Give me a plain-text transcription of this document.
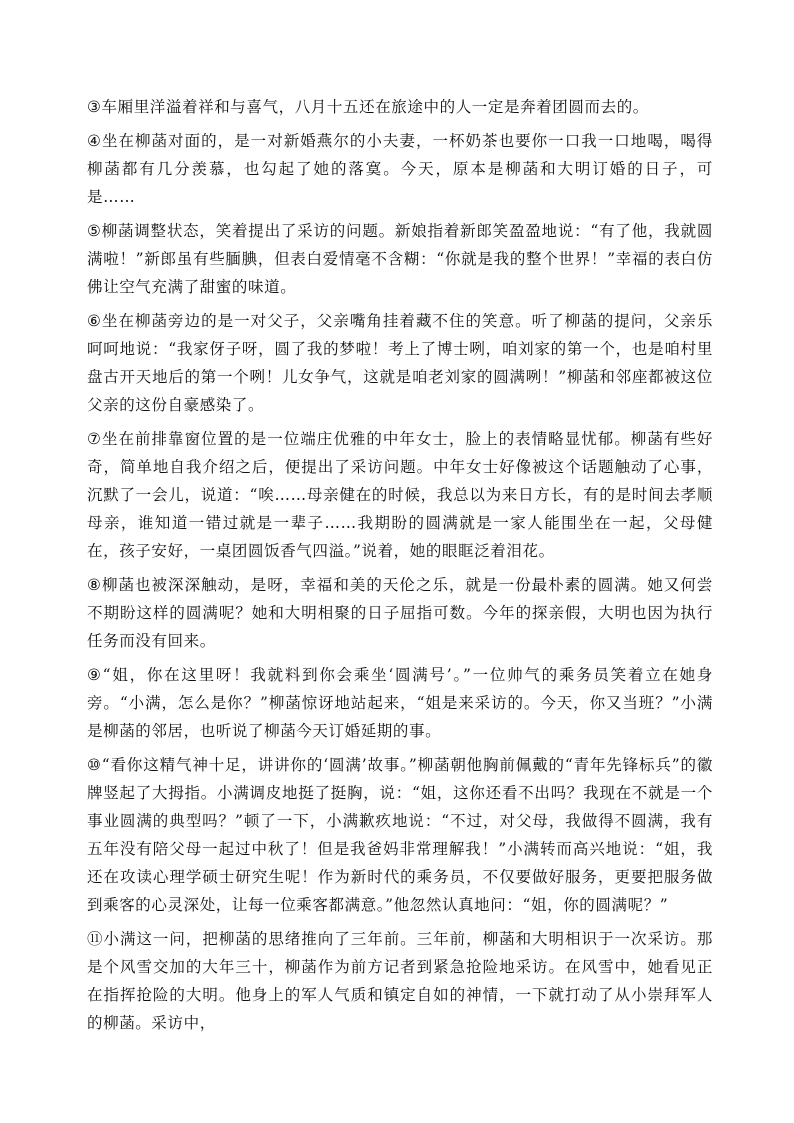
③车厢里洋溢着祥和与喜气，八月十五还在旅途中的人一定是奔着团圆而去的。

④坐在柳菡对面的，是一对新婚燕尔的小夫妻，一杯奶茶也要你一口我一口地喝，喝得柳菡都有几分羡慕，也勾起了她的落寞。今天，原本是柳菡和大明订婚的日子，可是……

⑤柳菡调整状态，笑着提出了采访的问题。新娘指着新郎笑盈盈地说：“有了他，我就圆满啦！”新郎虽有些腼腆，但表白爱情毫不含糊：“你就是我的整个世界！”幸福的表白仿佛让空气充满了甜蜜的味道。

⑥坐在柳菡旁边的是一对父子，父亲嘴角挂着藏不住的笑意。听了柳菡的提问，父亲乐呵呵地说：“我家伢子呀，圆了我的梦啦！考上了博士咧，咱刘家的第一个，也是咱村里盘古开天地后的第一个咧！儿女争气，这就是咱老刘家的圆满咧！”柳菡和邻座都被这位父亲的这份自豪感染了。

⑦坐在前排靠窗位置的是一位端庄优雅的中年女士，脸上的表情略显忧郁。柳菡有些好奇，简单地自我介绍之后，便提出了采访问题。中年女士好像被这个话题触动了心事，沉默了一会儿，说道：“唉……母亲健在的时候，我总以为来日方长，有的是时间去孝顺母亲，谁知道一错过就是一辈子……我期盼的圆满就是一家人能围坐在一起，父母健在，孩子安好，一桌团圆饭香气四溢。”说着，她的眼眶泛着泪花。

⑧柳菡也被深深触动，是呀，幸福和美的天伦之乐，就是一份最朴素的圆满。她又何尝不期盼这样的圆满呢？她和大明相聚的日子屈指可数。今年的探亲假，大明也因为执行任务而没有回来。

⑨“姐，你在这里呀！我就料到你会乘坐‘圆满号’。”一位帅气的乘务员笑着立在她身旁。“小满，怎么是你？”柳菡惊讶地站起来，“姐是来采访的。今天，你又当班？”小满是柳菡的邻居，也听说了柳菡今天订婚延期的事。

⑩“看你这精气神十足，讲讲你的‘圆满’故事。”柳菡朝他胸前佩戴的“青年先锋标兵”的徽牌竖起了大拇指。小满调皮地挺了挺胸，说：“姐，这你还看不出吗？我现在不就是一个事业圆满的典型吗？”顿了一下，小满歉疚地说：“不过，对父母，我做得不圆满，我有五年没有陪父母一起过中秋了！但是我爸妈非常理解我！”小满转而高兴地说：“姐，我还在攻读心理学硕士研究生呢！作为新时代的乘务员，不仅要做好服务，更要把服务做到乘客的心灵深处，让每一位乘客都满意。”他忽然认真地问：“姐，你的圆满呢？”

⑪小满这一问，把柳菡的思绪推向了三年前。三年前，柳菡和大明相识于一次采访。那是个风雪交加的大年三十，柳菡作为前方记者到紧急抢险地采访。在风雪中，她看见正在指挥抢险的大明。他身上的军人气质和镇定自如的神情，一下就打动了从小崇拜军人的柳菡。采访中，
